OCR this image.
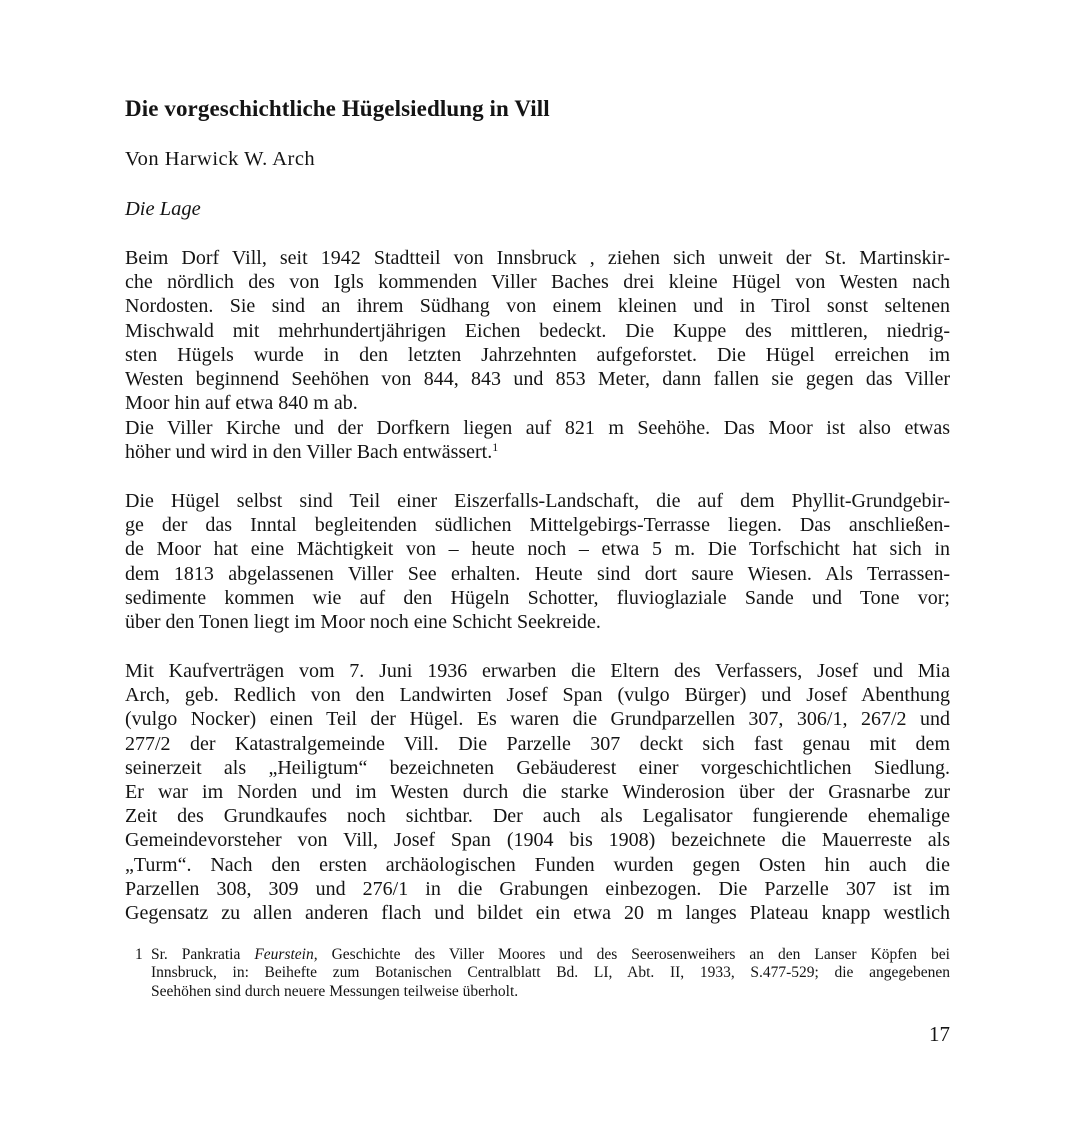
Die vorgeschichtliche Hügelsiedlung in Vill
Von Harwick W. Arch
Die Lage

Beim Dorf Vill, seit 1942 Stadtteil von Innsbruck , ziehen sich unweit der St. Martinskir-
che nördlich des von Igls kommenden Viller Baches drei kleine Hügel von Westen nach
Nordosten. Sie sind an ihrem Südhang von einem kleinen und in Tirol sonst seltenen
Mischwald mit mehrhundertjährigen Eichen bedeckt. Die Kuppe des mittleren, niedrig-
sten Hügels wurde in den letzten Jahrzehnten aufgeforstet. Die Hügel erreichen im
Westen beginnend Seehöhen von 844, 843 und 853 Meter, dann fallen sie gegen das Viller
Moor hin auf etwa 840 m ab.

Die Viller Kirche und der Dorfkern liegen auf 821 m Seehöhe. Das Moor ist also etwas
höher und wird in den Viller Bach entwässert.$^1$

Die Hügel selbst sind Teil einer Eiszerfalls-Landschaft, die auf dem Phyllit-Grundgebir-
ge der das Inntal begleitenden südlichen Mittelgebirgs-Terrasse liegen. Das anschließen-
de Moor hat eine Mächtigkeit von – heute noch – etwa 5 m. Die Torfschicht hat sich in
dem 1813 abgelassenen Viller See erhalten. Heute sind dort saure Wiesen. Als Terrassen-
sedimente kommen wie auf den Hügeln Schotter, fluvioglaziale Sande und Tone vor;
über den Tonen liegt im Moor noch eine Schicht Seekreide.

Mit Kaufverträgen vom 7. Juni 1936 erwarben die Eltern des Verfassers, Josef und Mia
Arch, geb. Redlich von den Landwirten Josef Span (vulgo Bürger) und Josef Abenthung
(vulgo Nocker) einen Teil der Hügel. Es waren die Grundparzellen 307, 306/1, 267/2 und
277/2 der Katastralgemeinde Vill. Die Parzelle 307 deckt sich fast genau mit dem
seinerzeit als „Heiligtum“ bezeichneten Gebäuderest einer vorgeschichtlichen Siedlung.
Er war im Norden und im Westen durch die starke Winderosion über der Grasnarbe zur
Zeit des Grundkaufes noch sichtbar. Der auch als Legalisator fungierende ehemalige
Gemeindevorsteher von Vill, Josef Span (1904 bis 1908) bezeichnete die Mauerreste als
„Turm“. Nach den ersten archäologischen Funden wurden gegen Osten hin auch die
Parzellen 308, 309 und 276/1 in die Grabungen einbezogen. Die Parzelle 307 ist im
Gegensatz zu allen anderen flach und bildet ein etwa 20 m langes Plateau knapp westlich

1 Sr. Pankratia Feurstein, Geschichte des Viller Moores und des Seerosenweihers an den Lanser Köpfen bei
Innsbruck, in: Beihefte zum Botanischen Centralblatt Bd. LI, Abt. II, 1933, S.477-529; die angegebenen
Seehöhen sind durch neuere Messungen teilweise überholt.
17
